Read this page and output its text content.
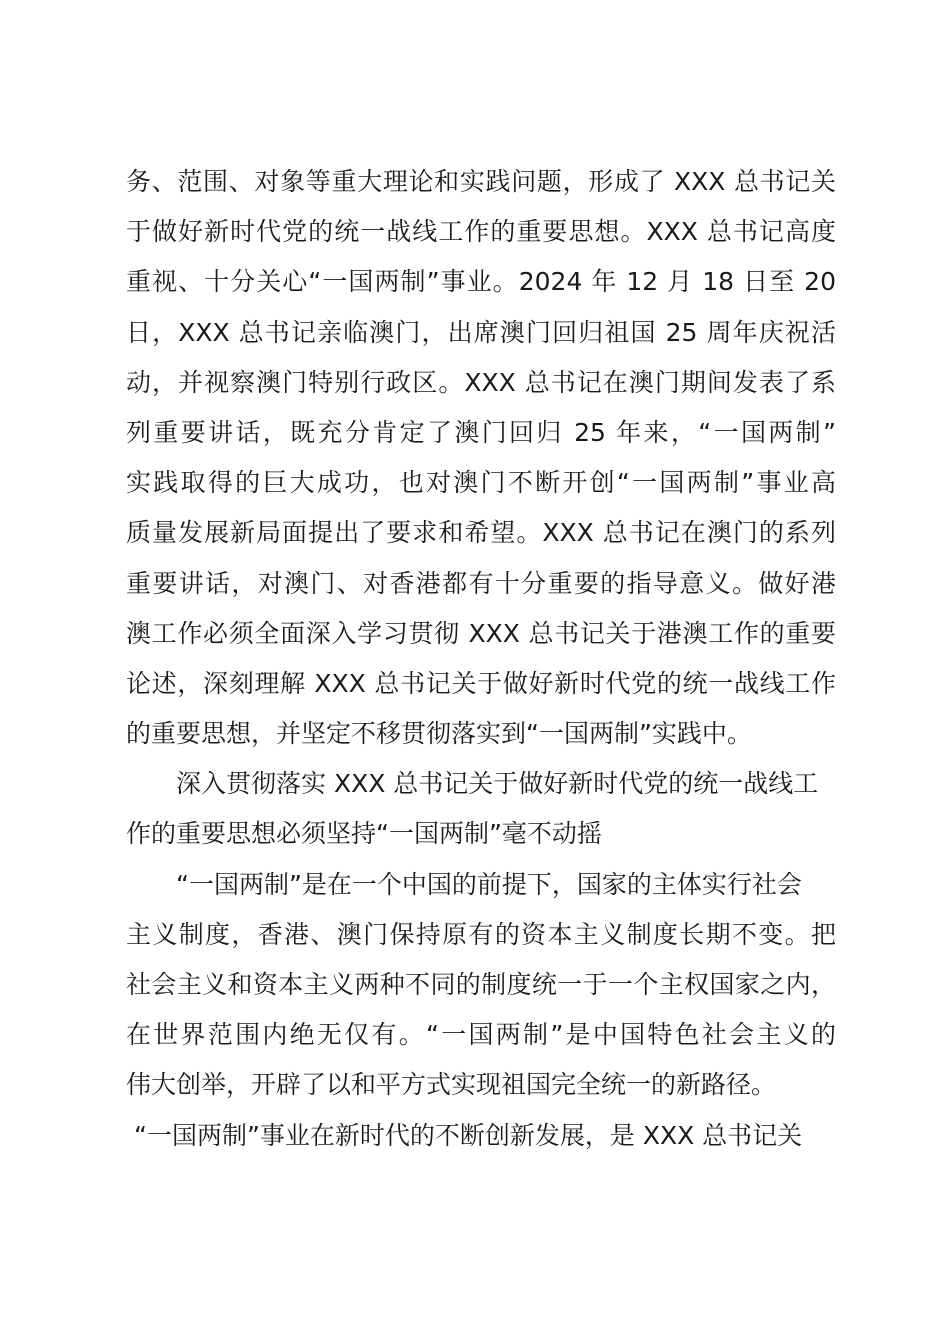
务、范围、对象等重大理论和实践问题，形成了 XXX 总书记关
于做好新时代党的统一战线工作的重要思想。XXX 总书记高度
重视、十分关心“一国两制”事业。2024 年 12 月 18 日至 20
日，XXX 总书记亲临澳门，出席澳门回归祖国 25 周年庆祝活
动，并视察澳门特别行政区。XXX 总书记在澳门期间发表了系
列重要讲话，既充分肯定了澳门回归 25 年来，“一国两制”
实践取得的巨大成功，也对澳门不断开创“一国两制”事业高
质量发展新局面提出了要求和希望。XXX 总书记在澳门的系列
重要讲话，对澳门、对香港都有十分重要的指导意义。做好港
澳工作必须全面深入学习贯彻 XXX 总书记关于港澳工作的重要
论述，深刻理解 XXX 总书记关于做好新时代党的统一战线工作
的重要思想，并坚定不移贯彻落实到“一国两制”实践中。
深入贯彻落实 XXX 总书记关于做好新时代党的统一战线工
作的重要思想必须坚持“一国两制”毫不动摇
“一国两制”是在一个中国的前提下，国家的主体实行社会
主义制度，香港、澳门保持原有的资本主义制度长期不变。把
社会主义和资本主义两种不同的制度统一于一个主权国家之内，
在世界范围内绝无仅有。“一国两制”是中国特色社会主义的
伟大创举，开辟了以和平方式实现祖国完全统一的新路径。
“一国两制”事业在新时代的不断创新发展，是 XXX 总书记关
